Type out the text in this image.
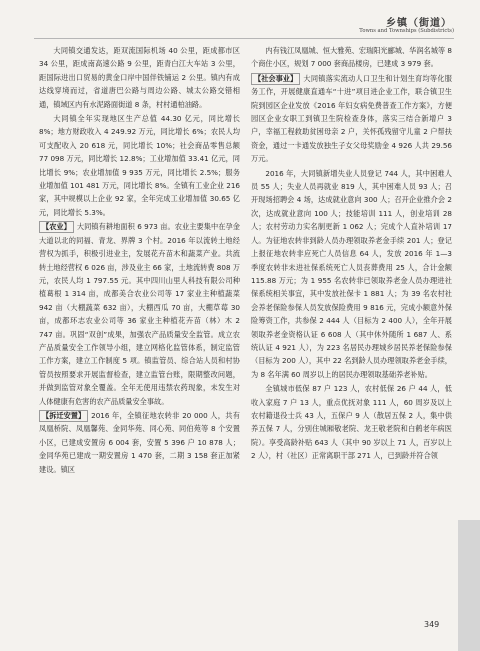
乡镇（街道）
Towns and Townships (Subdistricts)

大同镇交通发达，距双流国际机场 40 公里，距成都市区 34 公里，距成南高速公路 9 公里，距青白江大车站 3 公里，距国际进出口贸易的黄金口岸中国伴铁铺运 2 公里。镇内有成达线穿境而过，省道唐巴公路与周边公路、城太公路交错相通，镇域区内有水泥路面街道 8 条，村村通柏油路。

大同镇全年实现地区生产总值 44.30 亿元，同比增长 8%；地方财政收入 4 249.92 万元，同比增长 6%；农民人均可支配收入 20 618 元，同比增长 10%；社会商品零售总额 77 098 万元，同比增长 12.8%；工业增加值 33.41 亿元，同比增长 9%；农业增加值 9 935 万元，同比增长 2.5%；服务业增加值 101 481 万元，同比增长 8%。全镇有工业企业 216 家，其中规模以上企业 92 家，全年完成工业增加值 30.65 亿元，同比增长 5.3%。

【农业】 大同镇有耕地面积 6 973 亩。农业主要集中在孕金大道以北的同福、青龙、界牌 3 个村。2016 年以流转土地经营权为抓手，积极引进业主，发展花卉苗木和蔬菜产业。共流转土地经营权 6 026 亩，涉及业主 66 家，土地流转费 808 万元，农民人均 1 797.55 元。其中四川山里人科技有限公司种植葛根 1 314 亩，成都美合农业公司等 17 家业主种植蔬菜 942 亩（大棚蔬菜 632 亩），大棚西瓜 70 亩，大棚草莓 30 亩，成都环志农业公司等 36 家业主种植花卉苗（林）木 2 747 亩。巩固“双创”成果，加强农产品质量安全监管。成立农产品质量安全工作领导小组，建立网格化监管体系，制定监管工作方案，建立工作制度 5 项。镇监管员、综合站人员和村协管员按照要求开展监督检查，建立监管台账，限期整改问题，并做到监管对象全覆盖。全年无使用违禁农药现象，未发生对人体健康有危害的农产品质量安全事故。

【拆迁安置】 2016 年，全镇征地农转非 20 000 人，共有凤凰桥院、凤凰馨苑、金同华苑、同心苑、同伯苑等 8 个安置小区，已建成安置房 6 004 套，安置 5 396 户 10 878 人；金同华苑已建成一期安置房 1 470 套，二期 3 158 套正加紧建设。镇区

内有钱江凤凰城、恒大雅苑、宏瑞阳光郦城、华润名城等 8 个商住小区，规划 7 000 套商品楼房，已建成 3 979 套。

【社会事业】 大同镇落实流动人口卫生和计划生育均等化服务工作，开展健康直通车“十进”项目进企业工作，联合镇卫生院到园区企业发放《2016 年妇女病免费普查工作方案》，方便园区企业女职工到镇卫生院检查身体，落实三结合新增户 3 户，幸福工程救助贫困母亲 2 户，关怀孤残留守儿童 2 户帮扶资金，通过一卡通发放独生子女父母奖励金 4 926 人共 29.56 万元。

2016 年，大同镇新增失业人员登记 744 人，其中困难人员 55 人；失业人员再就业 819 人，其中困难人员 93 人；召开现场招聘会 4 场，达成就业意向 300 人；召开企业推介会 2 次，达成就业意向 100 人；技能培训 111 人，创业培训 28 人；农村劳动力实名制更新 1 062 人；完成个人直补培训 17 人。为征地农转非到龄人员办理领取养老金手续 201 人；登记上报征地农转非应死亡人员信息 64 人，发放 2016 年 1—3 季度农转非未进社保系统死亡人员丧葬费用 25 人，合计金额 115.88 万元；为 1 955 名农转非已领取养老金人员办理进社保系统相关事宜，其中发放社保卡 1 881 人；为 39 名农村社会养老保险参保人员发放保险费用 9 816 元，完成小额意外保险筹资工作，共参保 2 444 人（目标为 2 400 人），全年开展领取养老金资格认证 6 608 人（其中休外随所 1 687 人、系统认证 4 921 人），为 223 名居民办理城乡居民养老保险参保（目标为 200 人），其中 22 名到龄人员办理领取养老金手续，为 8 名年满 60 周岁以上的居民办理领取基础养老补贴。

全镇城市低保 87 户 123 人，农村低保 26 户 44 人，低收入家庭 7 户 13 人，重点优抚对象 111 人，60 周岁及以上农村籍退役士兵 43 人，五保户 9 人（散居五保 2 人，集中供养五保 7 人，分别住城厢敬老院、龙王敬老院和白鹤老年病医院）。享受高龄补贴 643 人（其中 90 岁以上 71 人，百岁以上 2 人），村（社区）正常离职干部 271 人，已到龄并符合领

349
